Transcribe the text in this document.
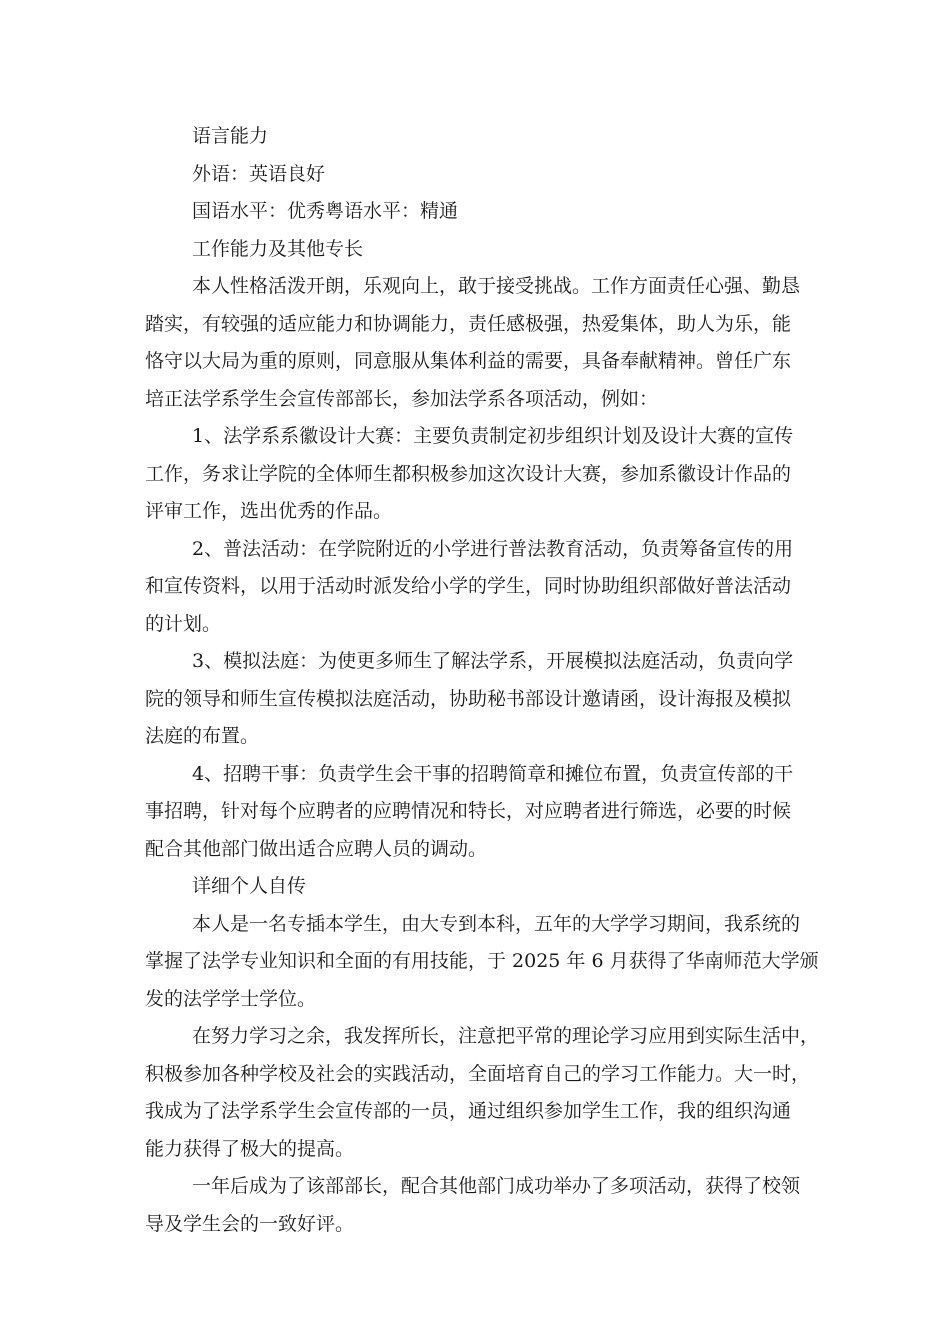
语言能力
外语：英语良好
国语水平：优秀粤语水平：精通
工作能力及其他专长
本人性格活泼开朗，乐观向上，敢于接受挑战。工作方面责任心强、勤恳
踏实，有较强的适应能力和协调能力，责任感极强，热爱集体，助人为乐，能
恪守以大局为重的原则，同意服从集体利益的需要，具备奉献精神。曾任广东
培正法学系学生会宣传部部长，参加法学系各项活动，例如：
1、法学系系徽设计大赛：主要负责制定初步组织计划及设计大赛的宣传
工作，务求让学院的全体师生都积极参加这次设计大赛，参加系徽设计作品的
评审工作，选出优秀的作品。
2、普法活动：在学院附近的小学进行普法教育活动，负责筹备宣传的用
和宣传资料，以用于活动时派发给小学的学生，同时协助组织部做好普法活动
的计划。
3、模拟法庭：为使更多师生了解法学系，开展模拟法庭活动，负责向学
院的领导和师生宣传模拟法庭活动，协助秘书部设计邀请函，设计海报及模拟
法庭的布置。
4、招聘干事：负责学生会干事的招聘简章和摊位布置，负责宣传部的干
事招聘，针对每个应聘者的应聘情况和特长，对应聘者进行筛选，必要的时候
配合其他部门做出适合应聘人员的调动。
详细个人自传
本人是一名专插本学生，由大专到本科，五年的大学学习期间，我系统的
掌握了法学专业知识和全面的有用技能，于 2025 年 6 月获得了华南师范大学颁
发的法学学士学位。
在努力学习之余，我发挥所长，注意把平常的理论学习应用到实际生活中，
积极参加各种学校及社会的实践活动，全面培育自己的学习工作能力。大一时，
我成为了法学系学生会宣传部的一员，通过组织参加学生工作，我的组织沟通
能力获得了极大的提高。
一年后成为了该部部长，配合其他部门成功举办了多项活动，获得了校领
导及学生会的一致好评。
